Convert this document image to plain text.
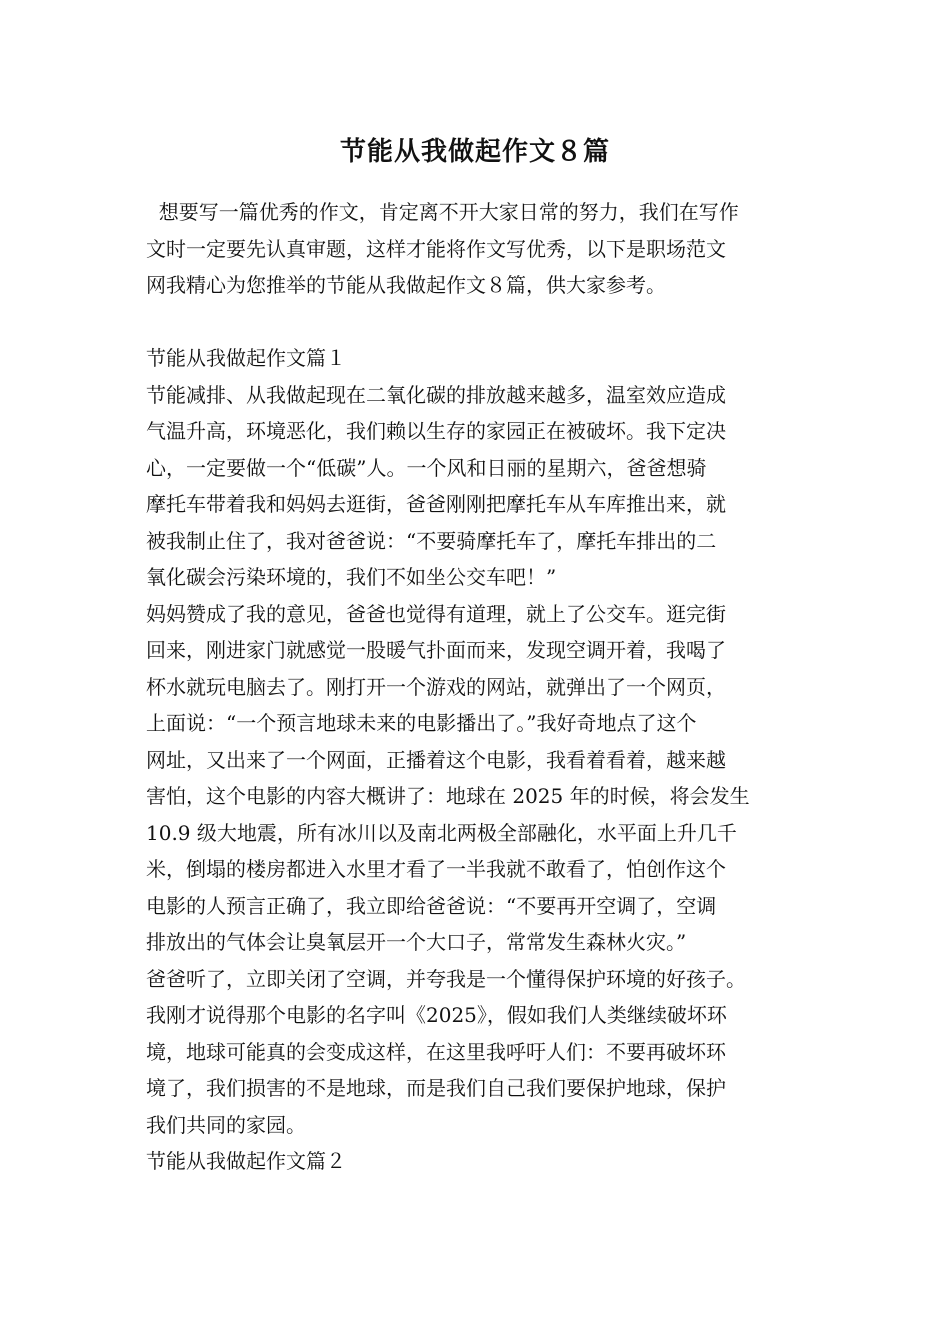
节能从我做起作文８篇
想要写一篇优秀的作文，肯定离不开大家日常的努力，我们在写作
文时一定要先认真审题，这样才能将作文写优秀，以下是职场范文
网我精心为您推举的节能从我做起作文８篇，供大家参考。
节能从我做起作文篇１
节能减排、从我做起现在二氧化碳的排放越来越多，温室效应造成
气温升高，环境恶化，我们赖以生存的家园正在被破坏。我下定决
心，一定要做一个“低碳”人。一个风和日丽的星期六，爸爸想骑
摩托车带着我和妈妈去逛街，爸爸刚刚把摩托车从车库推出来，就
被我制止住了，我对爸爸说：“不要骑摩托车了，摩托车排出的二
氧化碳会污染环境的，我们不如坐公交车吧！”
妈妈赞成了我的意见，爸爸也觉得有道理，就上了公交车。逛完街
回来，刚进家门就感觉一股暖气扑面而来，发现空调开着，我喝了
杯水就玩电脑去了。刚打开一个游戏的网站，就弹出了一个网页，
上面说：“一个预言地球未来的电影播出了。”我好奇地点了这个
网址，又出来了一个网面，正播着这个电影，我看着看着，越来越
害怕，这个电影的内容大概讲了：地球在 2025 年的时候，将会发生
10.9 级大地震，所有冰川以及南北两极全部融化，水平面上升几千
米，倒塌的楼房都进入水里才看了一半我就不敢看了，怕创作这个
电影的人预言正确了，我立即给爸爸说：“不要再开空调了，空调
排放出的气体会让臭氧层开一个大口子，常常发生森林火灾。”
爸爸听了，立即关闭了空调，并夸我是一个懂得保护环境的好孩子。
我刚才说得那个电影的名字叫《2025》，假如我们人类继续破坏环
境，地球可能真的会变成这样，在这里我呼吁人们：不要再破坏环
境了，我们损害的不是地球，而是我们自己我们要保护地球，保护
我们共同的家园。
节能从我做起作文篇２
